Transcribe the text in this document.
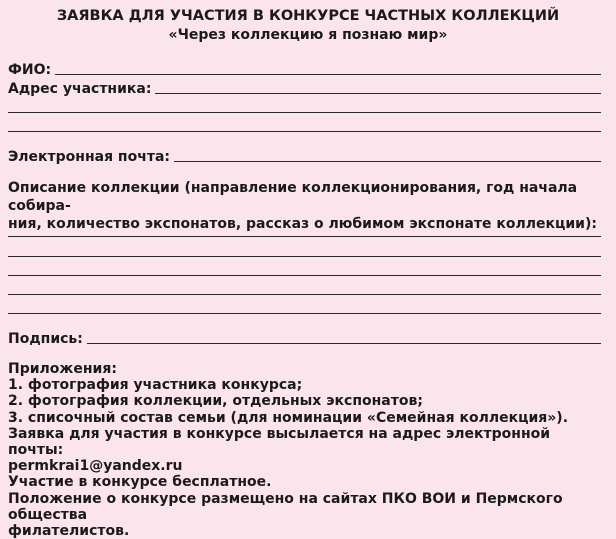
ЗАЯВКА ДЛЯ УЧАСТИЯ В КОНКУРСЕ ЧАСТНЫХ КОЛЛЕКЦИЙ
«Через коллекцию я познаю мир»
ФИО:
Адрес участника:
Электронная почта:
Описание коллекции (направление коллекционирования, год начала собира-
ния, количество экспонатов, рассказ о любимом экспонате коллекции):
Подпись:
Приложения:
1. фотография участника конкурса;
2. фотография коллекции, отдельных экспонатов;
3. списочный состав семьи (для номинации «Семейная коллекция»).
Заявка для участия в конкурсе высылается на адрес электронной почты:
permkrai1@yandex.ru
Участие в конкурсе бесплатное.
Положение о конкурсе размещено на сайтах ПКО ВОИ и Пермского общества
филателистов.
